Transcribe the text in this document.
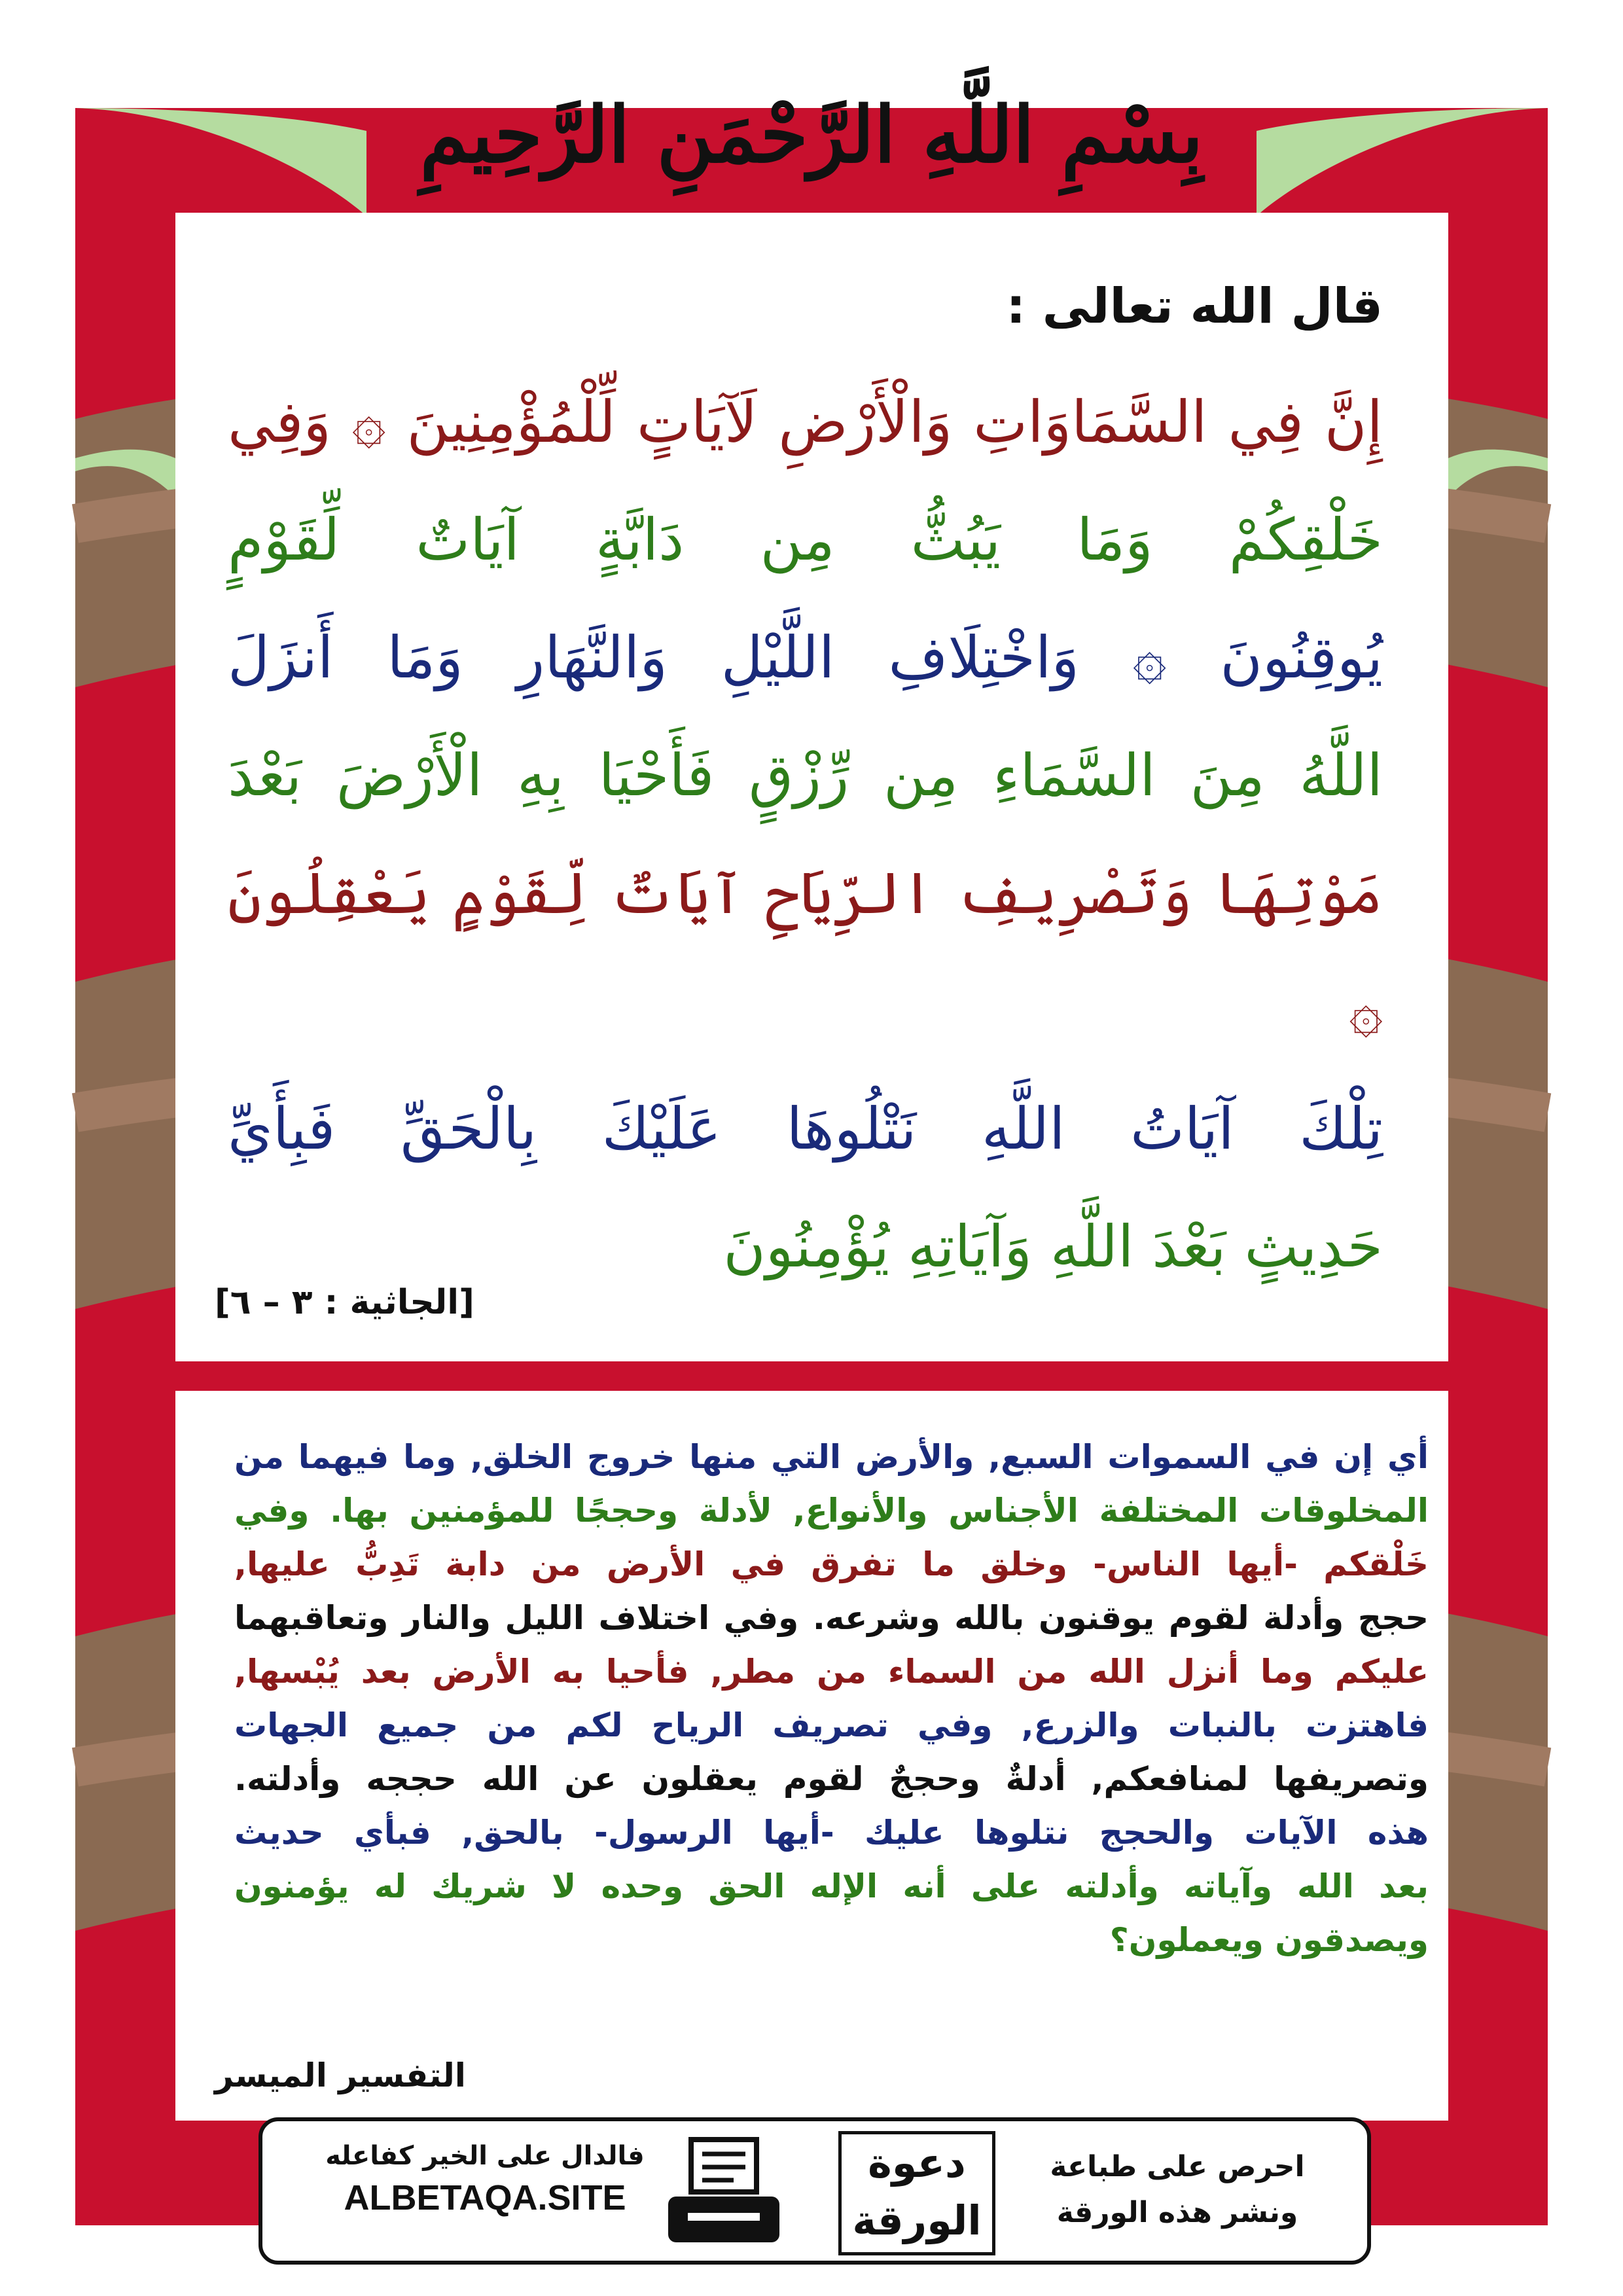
بِسْمِ اللَّهِ الرَّحْمَنِ الرَّحِيمِ
قال الله تعالى :
إِنَّ فِي السَّمَاوَاتِ وَالْأَرْضِ لَآيَاتٍ لِّلْمُؤْمِنِينَ ۞ وَفِي
خَلْقِكُمْ وَمَا يَبُثُّ مِن دَابَّةٍ آيَاتٌ لِّقَوْمٍ
يُوقِنُونَ ۞ وَاخْتِلَافِ اللَّيْلِ وَالنَّهَارِ وَمَا أَنزَلَ
اللَّهُ مِنَ السَّمَاءِ مِن رِّزْقٍ فَأَحْيَا بِهِ الْأَرْضَ بَعْدَ
مَوْتِهَا وَتَصْرِيفِ الرِّيَاحِ آيَاتٌ لِّقَوْمٍ يَعْقِلُونَ ۞
تِلْكَ آيَاتُ اللَّهِ نَتْلُوهَا عَلَيْكَ بِالْحَقِّ فَبِأَيِّ
حَدِيثٍ بَعْدَ اللَّهِ وَآيَاتِهِ يُؤْمِنُونَ
[الجاثية : ٣ – ٦]
أي إن في السموات السبع, والأرض التي منها خروج الخلق, وما فيهما من
المخلوقات المختلفة الأجناس والأنواع, لأدلة وحججًا للمؤمنين بها. وفي
خَلْقكم -أيها الناس- وخلق ما تفرق في الأرض من دابة تَدِبُّ عليها,
حجج وأدلة لقوم يوقنون بالله وشرعه. وفي اختلاف الليل والنار وتعاقبهما
عليكم وما أنزل الله من السماء من مطر, فأحيا به الأرض بعد يُبْسها,
فاهتزت بالنبات والزرع, وفي تصريف الرياح لكم من جميع الجهات
وتصريفها لمنافعكم, أدلةٌ وحججٌ لقوم يعقلون عن الله حججه وأدلته.
هذه الآيات والحجج نتلوها عليك -أيها الرسول- بالحق, فبأي حديث
بعد الله وآياته وأدلته على أنه الإله الحق وحده لا شريك له يؤمنون
ويصدقون ويعملون؟
التفسير الميسر
فالدال على الخير كفاعله
ALBETAQA.SITE
دعوة
الورقة
احرص على طباعة
ونشر هذه الورقة
